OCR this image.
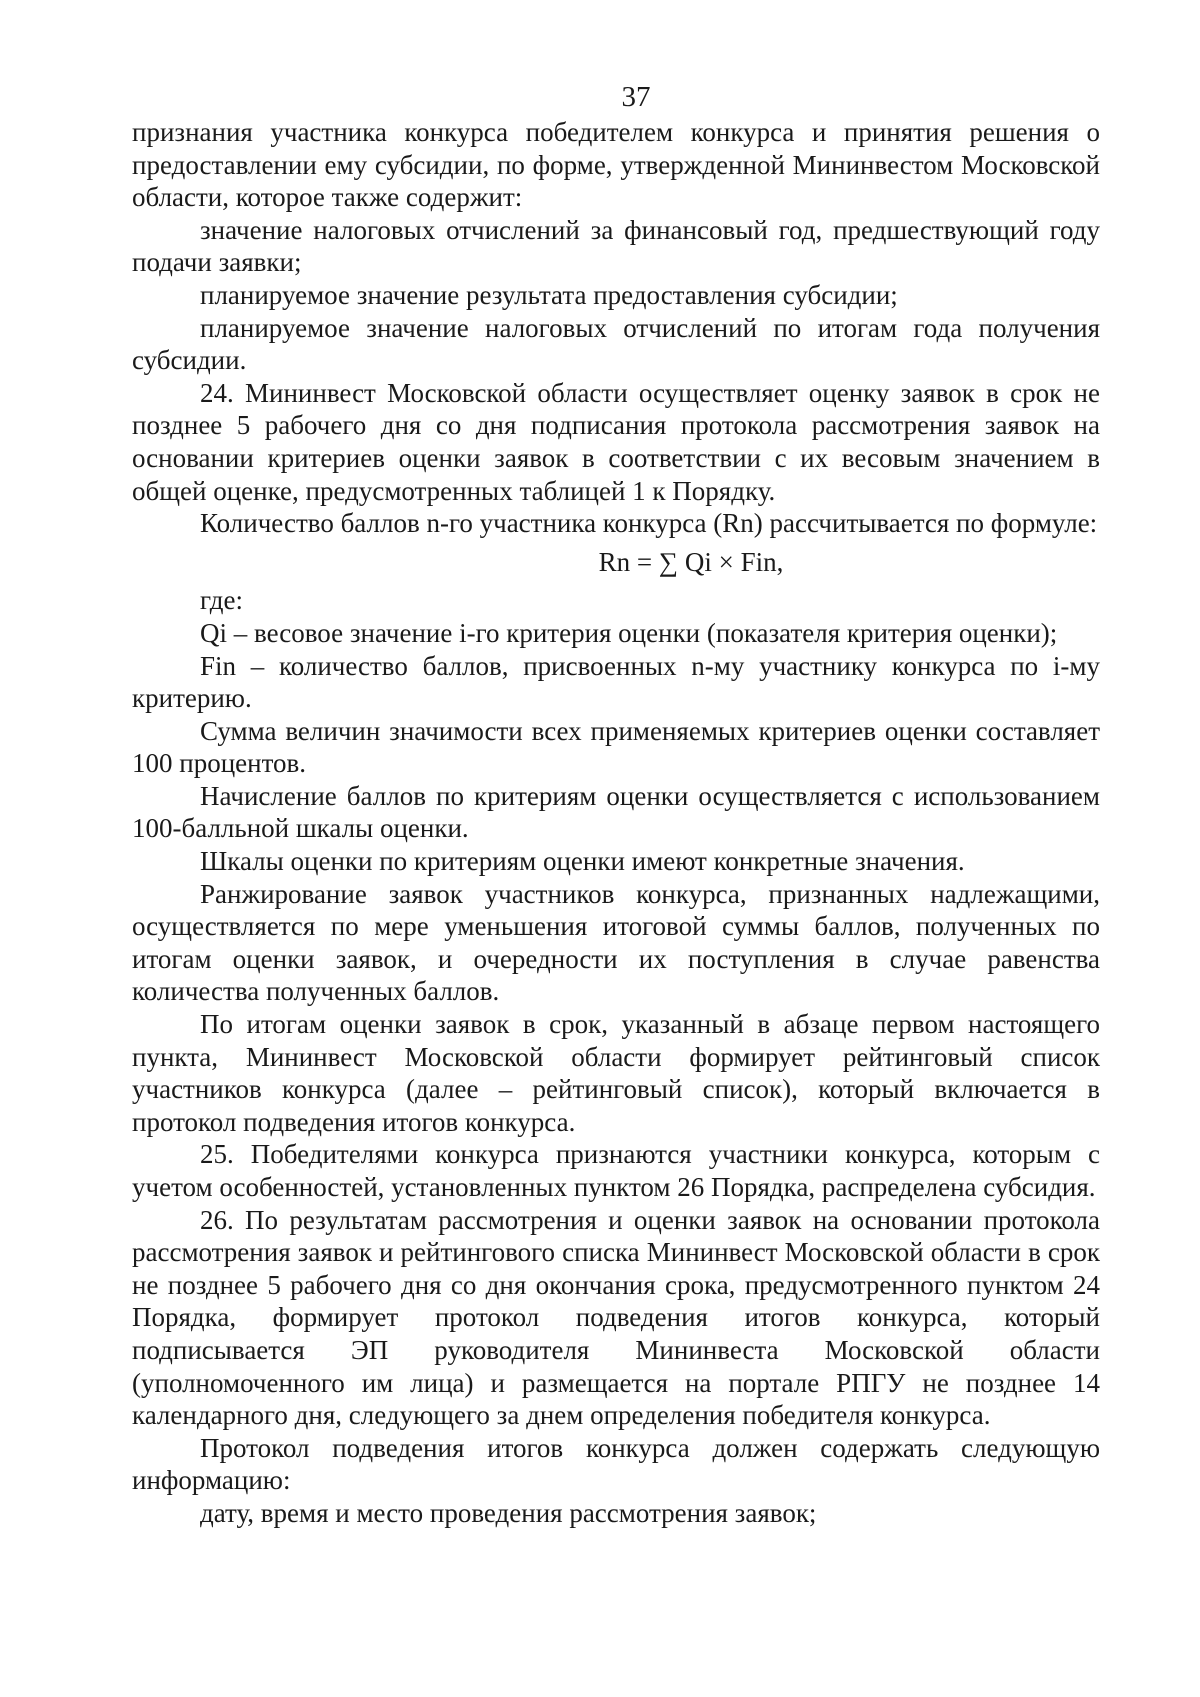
37

признания участника конкурса победителем конкурса и принятия решения о предоставлении ему субсидии, по форме, утвержденной Мининвестом Московской области, которое также содержит:

значение налоговых отчислений за финансовый год, предшествующий году подачи заявки;

планируемое значение результата предоставления субсидии;

планируемое значение налоговых отчислений по итогам года получения субсидии.

24. Мининвест Московской области осуществляет оценку заявок в срок не позднее 5 рабочего дня со дня подписания протокола рассмотрения заявок на основании критериев оценки заявок в соответствии с их весовым значением в общей оценке, предусмотренных таблицей 1 к Порядку.

Количество баллов n-го участника конкурса (Rn) рассчитывается по формуле:

Rn = ∑ Qi × Fin,

где:

Qi – весовое значение i-го критерия оценки (показателя критерия оценки);

Fin – количество баллов, присвоенных n-му участнику конкурса по i-му критерию.

Сумма величин значимости всех применяемых критериев оценки составляет 100 процентов.

Начисление баллов по критериям оценки осуществляется с использованием 100-балльной шкалы оценки.

Шкалы оценки по критериям оценки имеют конкретные значения.

Ранжирование заявок участников конкурса, признанных надлежащими, осуществляется по мере уменьшения итоговой суммы баллов, полученных по итогам оценки заявок, и очередности их поступления в случае равенства количества полученных баллов.

По итогам оценки заявок в срок, указанный в абзаце первом настоящего пункта, Мининвест Московской области формирует рейтинговый список участников конкурса (далее – рейтинговый список), который включается в протокол подведения итогов конкурса.

25. Победителями конкурса признаются участники конкурса, которым с учетом особенностей, установленных пунктом 26 Порядка, распределена субсидия.

26. По результатам рассмотрения и оценки заявок на основании протокола рассмотрения заявок и рейтингового списка Мининвест Московской области в срок не позднее 5 рабочего дня со дня окончания срока, предусмотренного пунктом 24 Порядка, формирует протокол подведения итогов конкурса, который подписывается ЭП руководителя Мининвеста Московской области (уполномоченного им лица) и размещается на портале РПГУ не позднее 14 календарного дня, следующего за днем определения победителя конкурса.

Протокол подведения итогов конкурса должен содержать следующую информацию:

дату, время и место проведения рассмотрения заявок;
